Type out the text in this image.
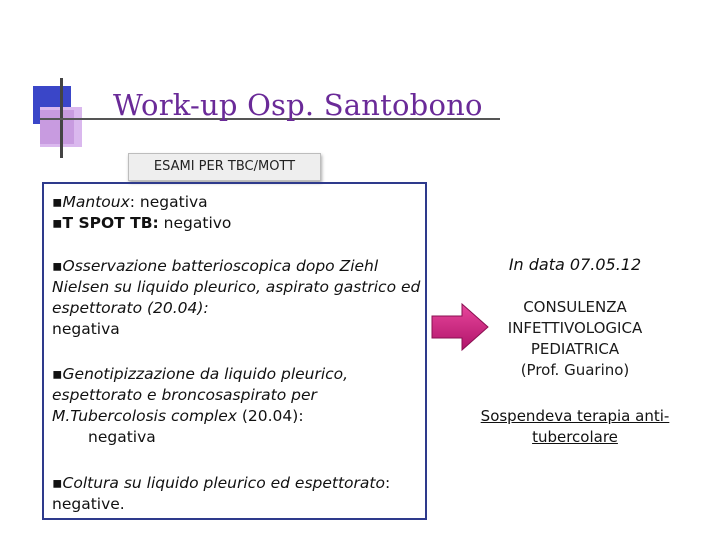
Work-up Osp. Santobono
ESAMI PER TBC/MOTT
▪Mantoux: negativa
▪T SPOT TB: negativo
▪Osservazione batterioscopica dopo Ziehl Nielsen su liquido pleurico, aspirato gastrico ed espettorato (20.04):
negativa
▪Genotipizzazione da liquido pleurico, espettorato e broncosaspirato per M.Tubercolosis complex (20.04):
negativa
▪Coltura su liquido pleurico ed espettorato: negative.
In data 07.05.12
CONSULENZA
INFETTIVOLOGICA
PEDIATRICA
(Prof. Guarino)
Sospendeva terapia anti-
tubercolare
